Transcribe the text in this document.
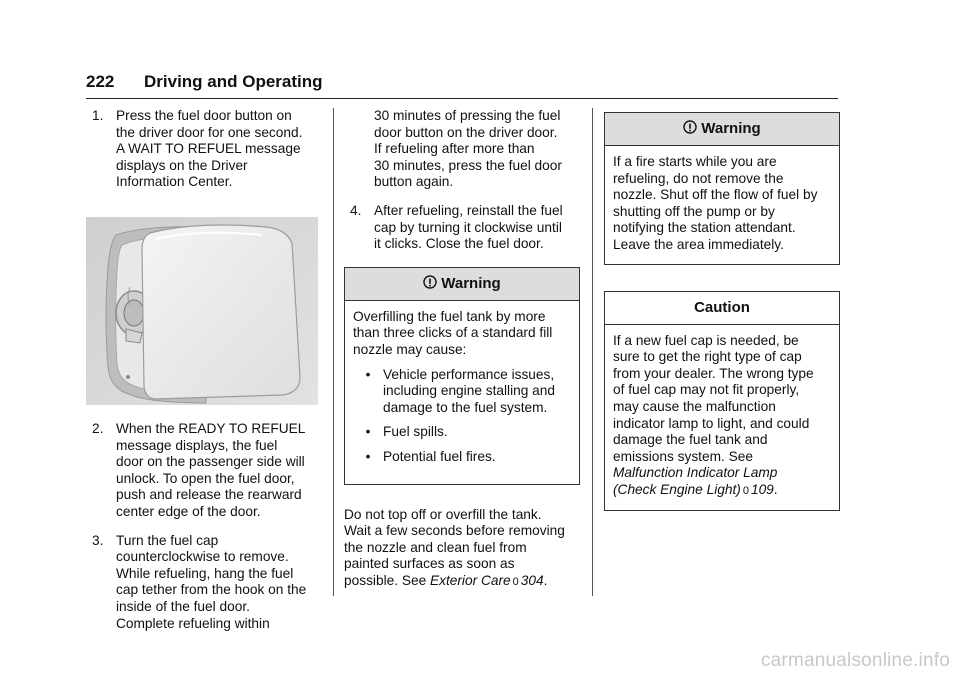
222 Driving and Operating
1. Press the fuel door button on
the driver door for one second.
A WAIT TO REFUEL message
displays on the Driver
Information Center.
2. When the READY TO REFUEL
message displays, the fuel
door on the passenger side will
unlock. To open the fuel door,
push and release the rearward
center edge of the door.
3. Turn the fuel cap
counterclockwise to remove.
While refueling, hang the fuel
cap tether from the hook on the
inside of the fuel door.
Complete refueling within
30 minutes of pressing the fuel
door button on the driver door.
If refueling after more than
30 minutes, press the fuel door
button again.
4. After refueling, reinstall the fuel
cap by turning it clockwise until
it clicks. Close the fuel door.
Warning

Overfilling the fuel tank by more
than three clicks of a standard fill
nozzle may cause:

• Vehicle performance issues,
including engine stalling and
damage to the fuel system.
• Fuel spills.
• Potential fuel fires.
Do not top off or overfill the tank.
Wait a few seconds before removing
the nozzle and clean fuel from
painted surfaces as soon as
possible. See Exterior Care 0 304.
Warning

If a fire starts while you are
refueling, do not remove the
nozzle. Shut off the flow of fuel by
shutting off the pump or by
notifying the station attendant.
Leave the area immediately.

Caution

If a new fuel cap is needed, be
sure to get the right type of cap
from your dealer. The wrong type
of fuel cap may not fit properly,
may cause the malfunction
indicator lamp to light, and could
damage the fuel tank and
emissions system. See

Malfunction Indicator Lamp
(Check Engine Light) 0 109.

carmanualsonline.info
